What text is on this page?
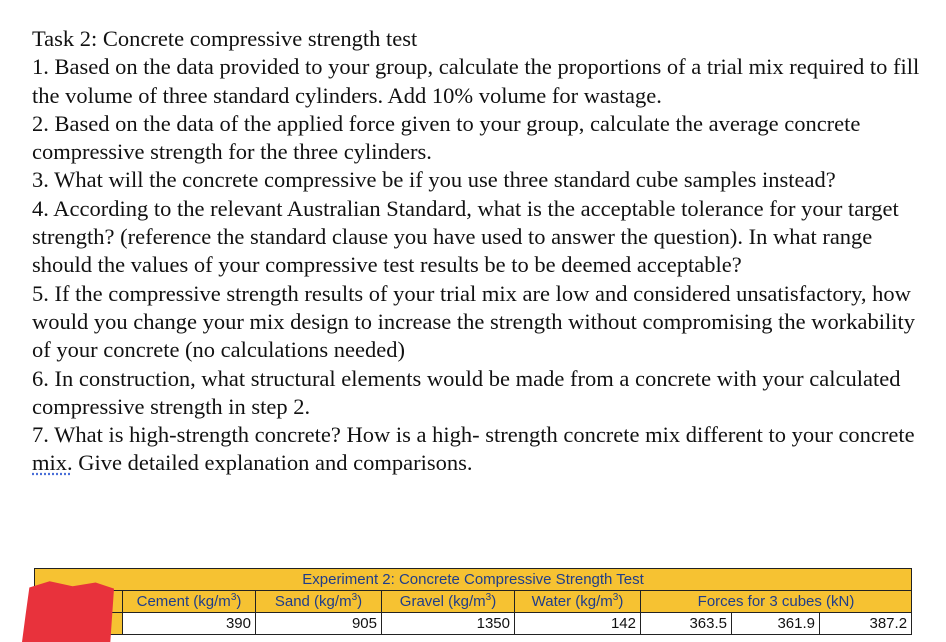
Task 2: Concrete compressive strength test

1. Based on the data provided to your group, calculate the proportions of a trial mix required to fill the volume of three standard cylinders. Add 10% volume for wastage.

2. Based on the data of the applied force given to your group, calculate the average concrete compressive strength for the three cylinders.

3. What will the concrete compressive be if you use three standard cube samples instead?

4. According to the relevant Australian Standard, what is the acceptable tolerance for your target strength? (reference the standard clause you have used to answer the question). In what range should the values of your compressive test results be to be deemed acceptable?

5. If the compressive strength results of your trial mix are low and considered unsatisfactory, how would you change your mix design to increase the strength without compromising the workability of your concrete (no calculations needed)

6. In construction, what structural elements would be made from a concrete with your calculated compressive strength in step 2.

7. What is high-strength concrete? How is a high- strength concrete mix different to your concrete mix. Give detailed explanation and comparisons.

Experiment 2: Concrete Compressive Strength Test							
	Cement $(kg/m^3)$	Sand $(kg/m^3)$	Gravel $(kg/m^3)$	Water $(kg/m^3)$	Forces for 3 cubes (kN)		
	390	905	1350	142	363.5	361.9	387.2
